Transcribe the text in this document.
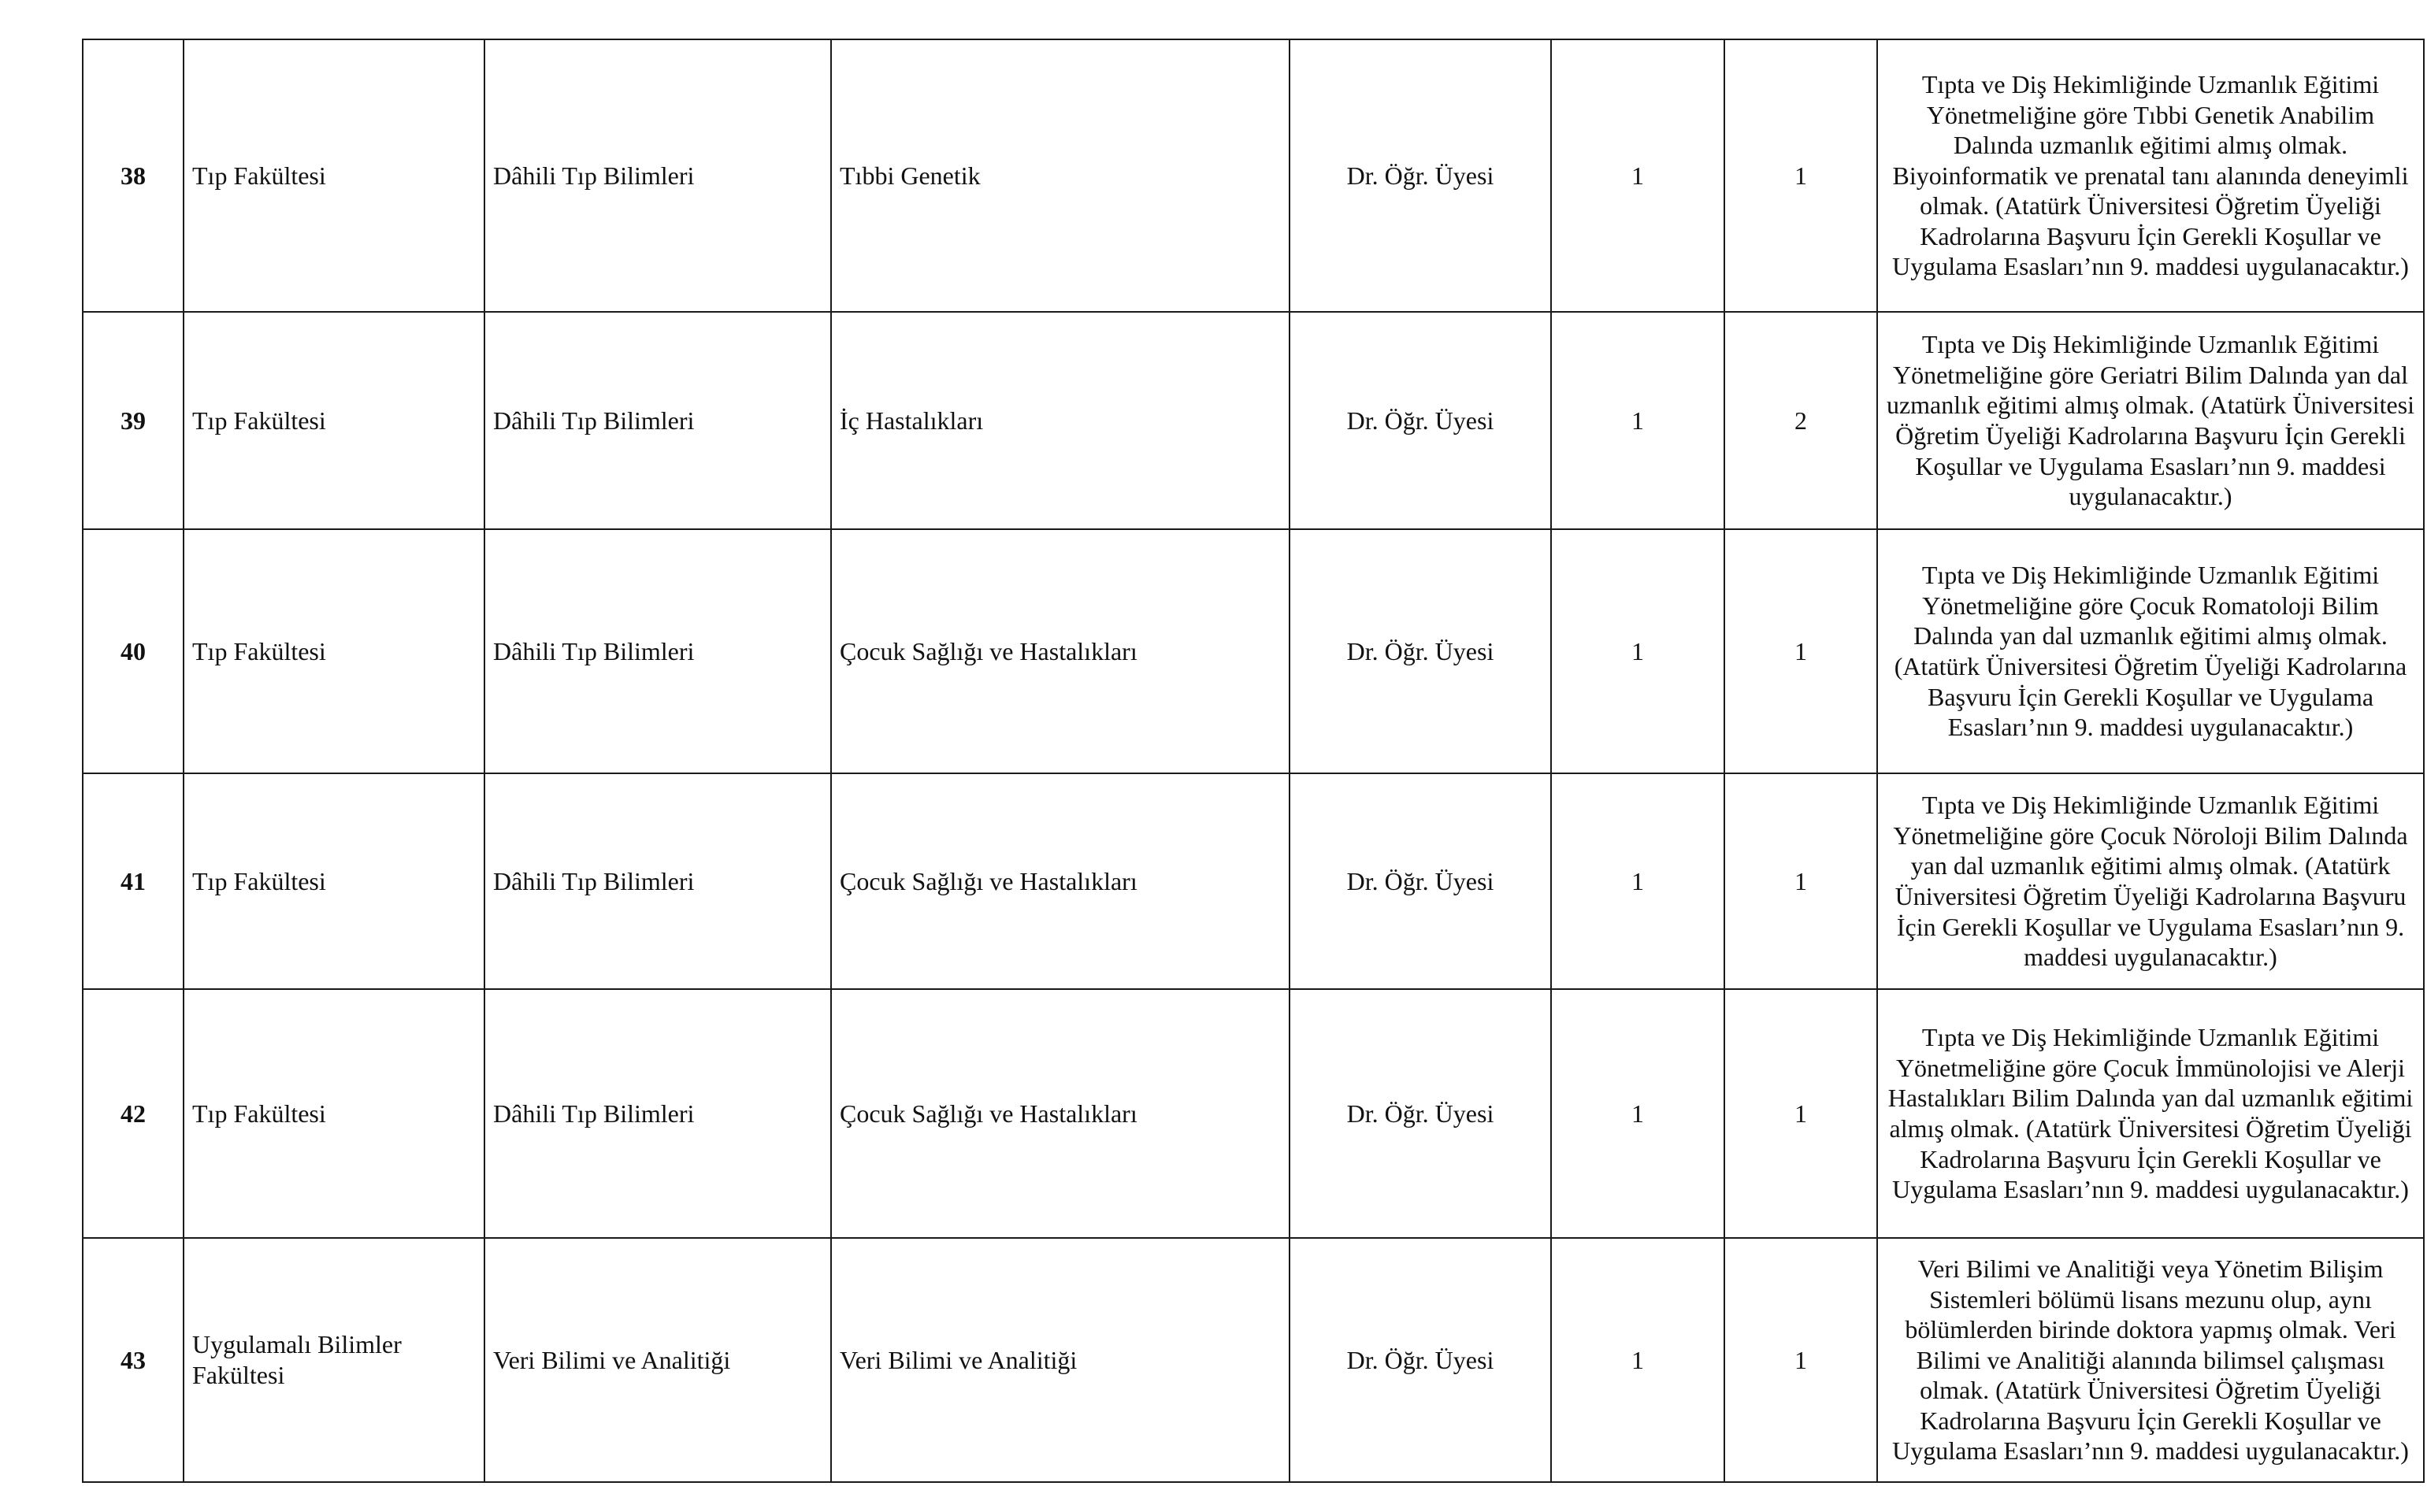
38	Tıp Fakültesi	Dâhili Tıp Bilimleri	Tıbbi Genetik	Dr. Öğr. Üyesi	1	1	Tıpta ve Diş Hekimliğinde Uzmanlık Eğitimi Yönetmeliğine göre Tıbbi Genetik Anabilim Dalında uzmanlık eğitimi almış olmak. Biyoinformatik ve prenatal tanı alanında deneyimli olmak. (Atatürk Üniversitesi Öğretim Üyeliği Kadrolarına Başvuru İçin Gerekli Koşullar ve Uygulama Esasları’nın 9. maddesi uygulanacaktır.)
39	Tıp Fakültesi	Dâhili Tıp Bilimleri	İç Hastalıkları	Dr. Öğr. Üyesi	1	2	Tıpta ve Diş Hekimliğinde Uzmanlık Eğitimi Yönetmeliğine göre Geriatri Bilim Dalında yan dal uzmanlık eğitimi almış olmak. (Atatürk Üniversitesi Öğretim Üyeliği Kadrolarına Başvuru İçin Gerekli Koşullar ve Uygulama Esasları’nın 9. maddesi uygulanacaktır.)
40	Tıp Fakültesi	Dâhili Tıp Bilimleri	Çocuk Sağlığı ve Hastalıkları	Dr. Öğr. Üyesi	1	1	Tıpta ve Diş Hekimliğinde Uzmanlık Eğitimi Yönetmeliğine göre Çocuk Romatoloji Bilim Dalında yan dal uzmanlık eğitimi almış olmak. (Atatürk Üniversitesi Öğretim Üyeliği Kadrolarına Başvuru İçin Gerekli Koşullar ve Uygulama Esasları’nın 9. maddesi uygulanacaktır.)
41	Tıp Fakültesi	Dâhili Tıp Bilimleri	Çocuk Sağlığı ve Hastalıkları	Dr. Öğr. Üyesi	1	1	Tıpta ve Diş Hekimliğinde Uzmanlık Eğitimi Yönetmeliğine göre Çocuk Nöroloji Bilim Dalında yan dal uzmanlık eğitimi almış olmak. (Atatürk Üniversitesi Öğretim Üyeliği Kadrolarına Başvuru İçin Gerekli Koşullar ve Uygulama Esasları’nın 9. maddesi uygulanacaktır.)
42	Tıp Fakültesi	Dâhili Tıp Bilimleri	Çocuk Sağlığı ve Hastalıkları	Dr. Öğr. Üyesi	1	1	Tıpta ve Diş Hekimliğinde Uzmanlık Eğitimi Yönetmeliğine göre Çocuk İmmünolojisi ve Alerji Hastalıkları Bilim Dalında yan dal uzmanlık eğitimi almış olmak. (Atatürk Üniversitesi Öğretim Üyeliği Kadrolarına Başvuru İçin Gerekli Koşullar ve Uygulama Esasları’nın 9. maddesi uygulanacaktır.)
43	Uygulamalı Bilimler Fakültesi	Veri Bilimi ve Analitiği	Veri Bilimi ve Analitiği	Dr. Öğr. Üyesi	1	1	Veri Bilimi ve Analitiği veya Yönetim Bilişim Sistemleri bölümü lisans mezunu olup, aynı bölümlerden birinde doktora yapmış olmak. Veri Bilimi ve Analitiği alanında bilimsel çalışması olmak. (Atatürk Üniversitesi Öğretim Üyeliği Kadrolarına Başvuru İçin Gerekli Koşullar ve Uygulama Esasları’nın 9. maddesi uygulanacaktır.)
